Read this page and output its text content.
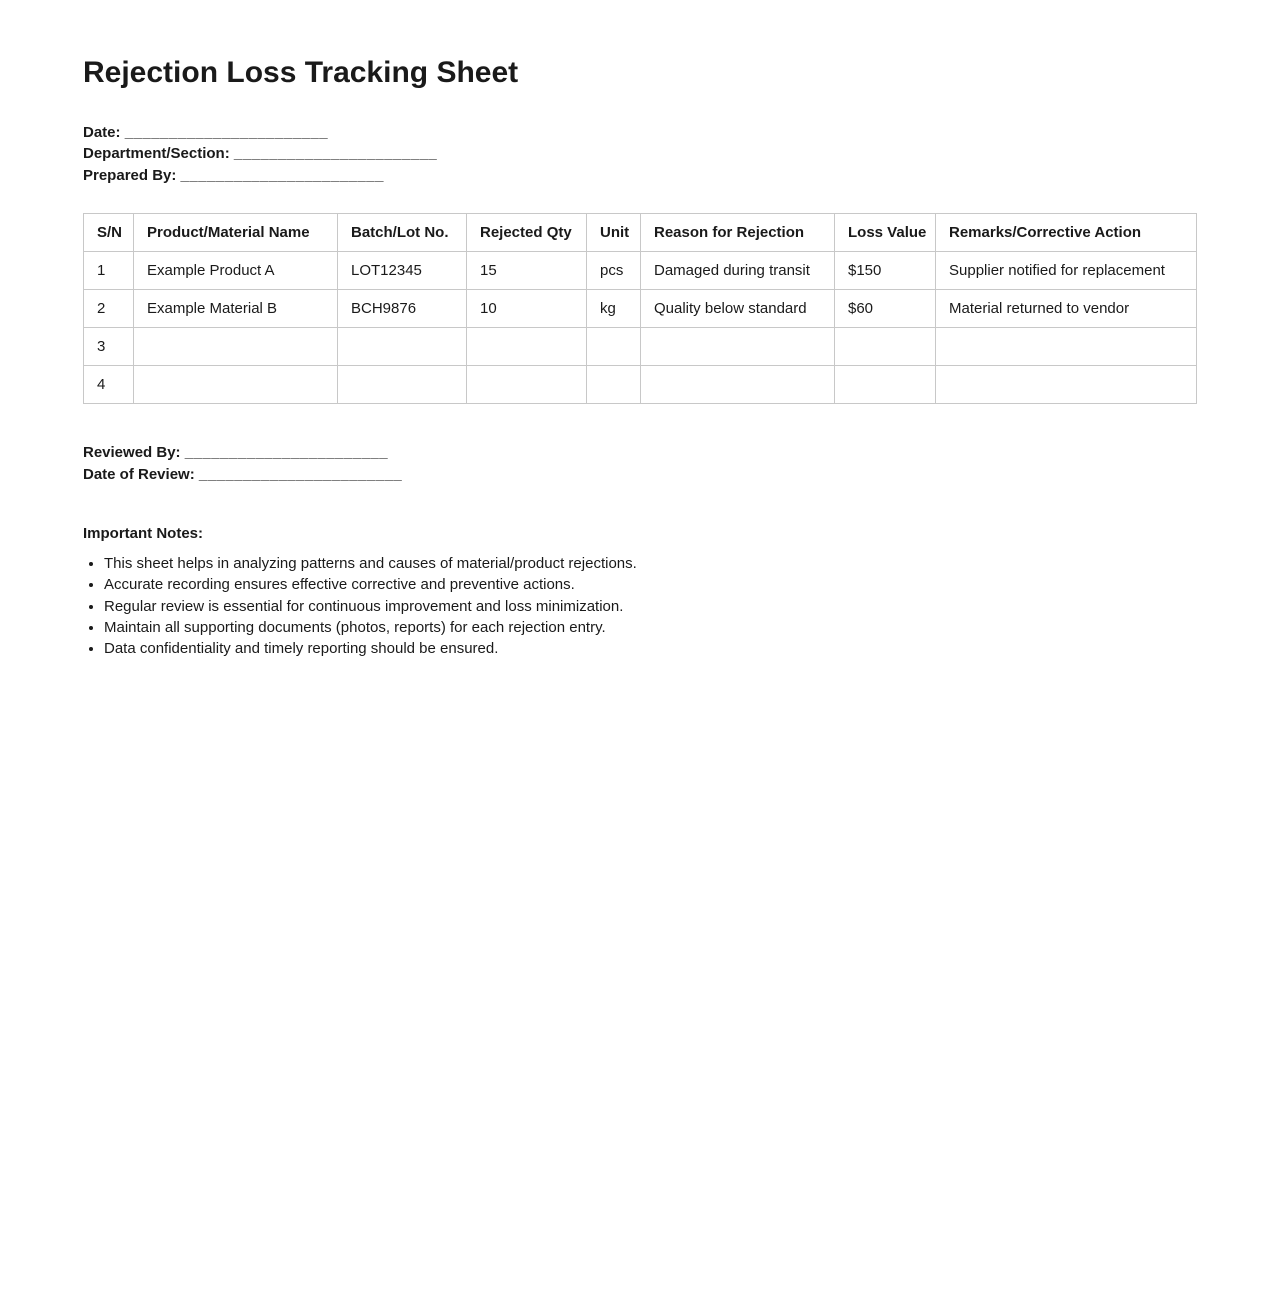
Rejection Loss Tracking Sheet

Date: _______________________

Department/Section: _______________________

Prepared By: _______________________

S/N	Product/Material Name	Batch/Lot No.	Rejected Qty	Unit	Reason for Rejection	Loss Value	Remarks/Corrective Action
1	Example Product A	LOT12345	15	pcs	Damaged during transit	$150	Supplier notified for replacement
2	Example Material B	BCH9876	10	kg	Quality below standard	$60	Material returned to vendor
3							
4							

Reviewed By: _______________________

Date of Review: _______________________

Important Notes:

• This sheet helps in analyzing patterns and causes of material/product rejections.
• Accurate recording ensures effective corrective and preventive actions.
• Regular review is essential for continuous improvement and loss minimization.
• Maintain all supporting documents (photos, reports) for each rejection entry.
• Data confidentiality and timely reporting should be ensured.
